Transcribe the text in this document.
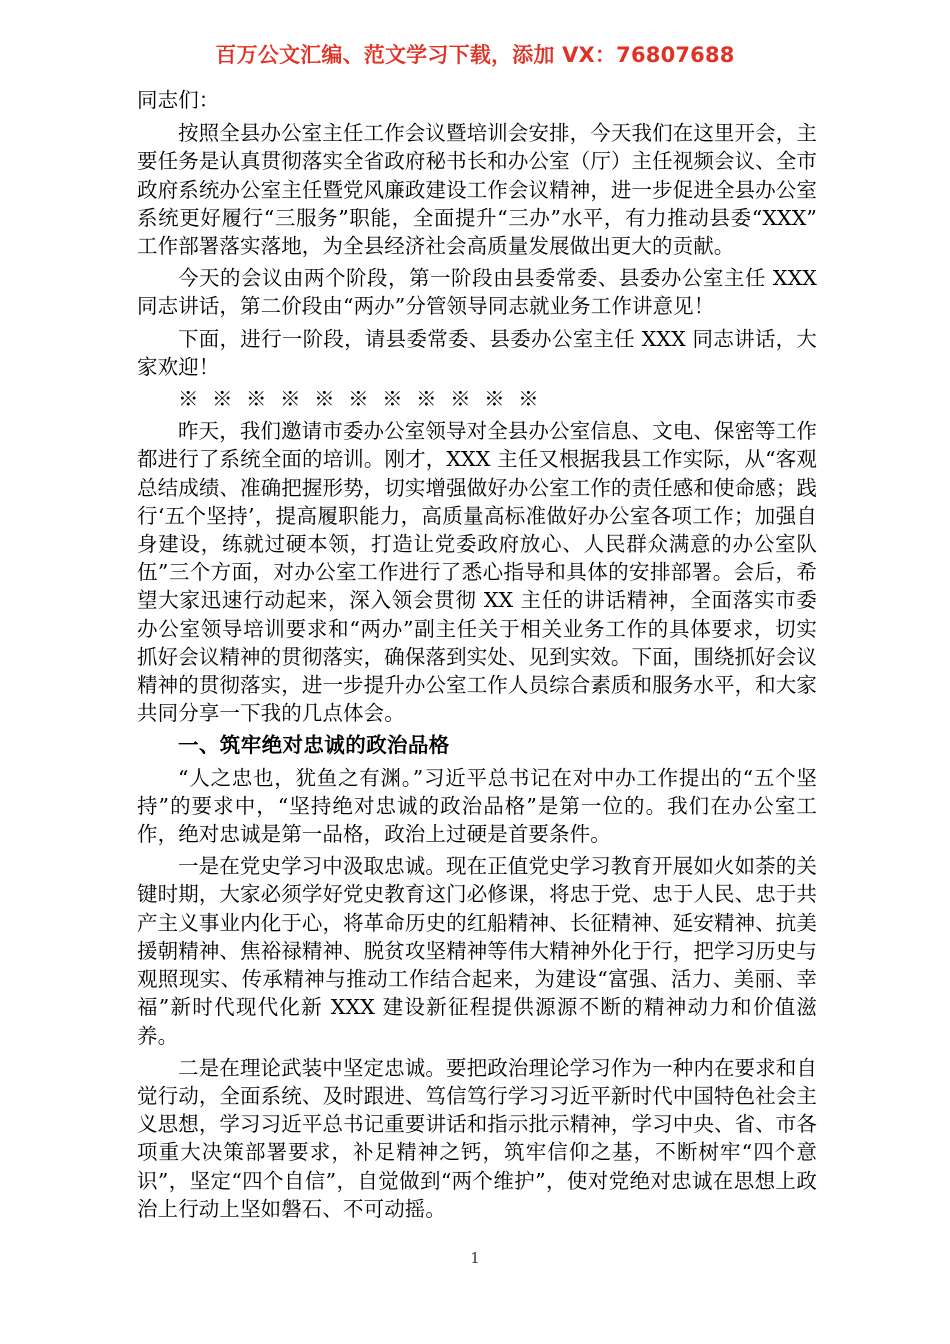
百万公文汇编、范文学习下载，添加 VX：76807688

同志们：

按照全县办公室主任工作会议暨培训会安排，今天我们在这里开会，主要任务是认真贯彻落实全省政府秘书长和办公室（厅）主任视频会议、全市政府系统办公室主任暨党风廉政建设工作会议精神，进一步促进全县办公室系统更好履行“三服务”职能，全面提升“三办”水平，有力推动县委“XXX”工作部署落实落地，为全县经济社会高质量发展做出更大的贡献。

今天的会议由两个阶段，第一阶段由县委常委、县委办公室主任 XXX 同志讲话，第二价段由“两办”分管领导同志就业务工作讲意见！

下面，进行一阶段，请县委常委、县委办公室主任 XXX 同志讲话，大家欢迎！

※ ※ ※ ※ ※ ※ ※ ※ ※ ※ ※

昨天，我们邀请市委办公室领导对全县办公室信息、文电、保密等工作都进行了系统全面的培训。刚才，XXX 主任又根据我县工作实际，从“客观总结成绩、准确把握形势，切实增强做好办公室工作的责任感和使命感；践行‘五个坚持’，提高履职能力，高质量高标准做好办公室各项工作；加强自身建设，练就过硬本领，打造让党委政府放心、人民群众满意的办公室队伍”三个方面，对办公室工作进行了悉心指导和具体的安排部署。会后，希望大家迅速行动起来，深入领会贯彻 XX 主任的讲话精神，全面落实市委办公室领导培训要求和“两办”副主任关于相关业务工作的具体要求，切实抓好会议精神的贯彻落实，确保落到实处、见到实效。下面，围绕抓好会议精神的贯彻落实，进一步提升办公室工作人员综合素质和服务水平，和大家共同分享一下我的几点体会。

一、筑牢绝对忠诚的政治品格

“人之忠也，犹鱼之有渊。”习近平总书记在对中办工作提出的“五个坚持”的要求中，“坚持绝对忠诚的政治品格”是第一位的。我们在办公室工作，绝对忠诚是第一品格，政治上过硬是首要条件。

一是在党史学习中汲取忠诚。现在正值党史学习教育开展如火如荼的关键时期，大家必须学好党史教育这门必修课，将忠于党、忠于人民、忠于共产主义事业内化于心，将革命历史的红船精神、长征精神、延安精神、抗美援朝精神、焦裕禄精神、脱贫攻坚精神等伟大精神外化于行，把学习历史与观照现实、传承精神与推动工作结合起来，为建设“富强、活力、美丽、幸福”新时代现代化新 XXX 建设新征程提供源源不断的精神动力和价值滋养。

二是在理论武装中坚定忠诚。要把政治理论学习作为一种内在要求和自觉行动，全面系统、及时跟进、笃信笃行学习习近平新时代中国特色社会主义思想，学习习近平总书记重要讲话和指示批示精神，学习中央、省、市各项重大决策部署要求，补足精神之钙，筑牢信仰之基，不断树牢“四个意识”，坚定“四个自信”，自觉做到“两个维护”，使对党绝对忠诚在思想上政治上行动上坚如磐石、不可动摇。

1
